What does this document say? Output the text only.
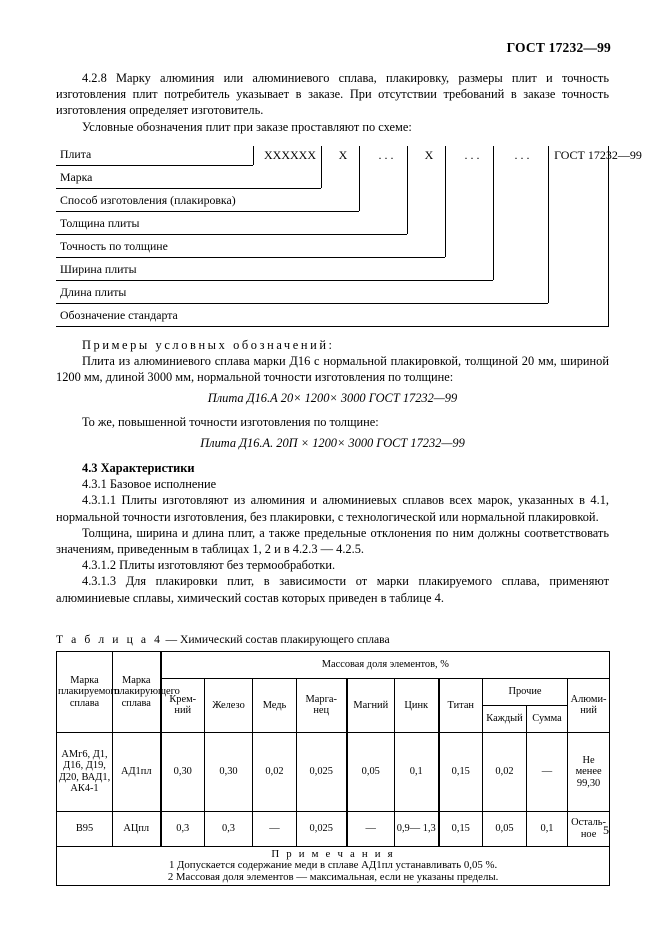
ГОСТ 17232—99

4.2.8 Марку алюминия или алюминиевого сплава, плакировку, размеры плит и точность изготовления плит потребитель указывает в заказе. При отсутствии требований в заказе точность изготовления определяет изготовитель.

Условные обозначения плит при заказе проставляют по схеме:

Плита
Марка
Способ изготовления (плакировка)
Толщина плиты
Точность по толщине
Ширина плиты
Длина плиты
Обозначение стандарта
XXXXXX	X	. . .	X	. . .	. . .	ГОСТ 17232—99

Примеры условных обозначений:

Плита из алюминиевого сплава марки Д16 с нормальной плакировкой, толщиной 20 мм, шириной 1200 мм, длиной 3000 мм, нормальной точности изготовления по толщине:

Плита Д16.А 20× 1200× 3000 ГОСТ 17232—99

То же, повышенной точности изготовления по толщине:

Плита Д16.А. 20П × 1200× 3000 ГОСТ 17232—99

4.3 Характеристики

4.3.1 Базовое исполнение

4.3.1.1 Плиты изготовляют из алюминия и алюминиевых сплавов всех марок, указанных в 4.1, нормальной точности изготовления, без плакировки, с технологической или нормальной плакировкой.

Толщина, ширина и длина плит, а также предельные отклонения по ним должны соответствовать значениям, приведенным в таблицах 1, 2 и в 4.2.3 — 4.2.5.

4.3.1.2 Плиты изготовляют без термообработки.

4.3.1.3 Для плакировки плит, в зависимости от марки плакируемого сплава, применяют алюминиевые сплавы, химический состав которых приведен в таблице 4.

Т а б л и ц а 4 — Химический состав плакирующего сплава
Марка плакируемого сплава	Марка плакирующего сплава	Массовая доля элементов, %									
		Крем- ний	Железо	Медь	Марга- нец	Магний	Цинк	Титан	Прочие		Алюми- ний
									Каждый	Сумма	
АМг6, Д1, Д16, Д19, Д20, ВАД1, АК4-1	АД1пл	0,30	0,30	0,02	0,025	0,05	0,1	0,15	0,02	—	Не менее 99,30
В95	АЦпл	0,3	0,3	—	0,025	—	0,9— 1,3	0,15	0,05	0,1	Осталь- ное

П р и м е ч а н и я
1 Допускается содержание меди в сплаве АД1пл устанавливать 0,05 %.
2 Массовая доля элементов — максимальная, если не указаны пределы.											
5
